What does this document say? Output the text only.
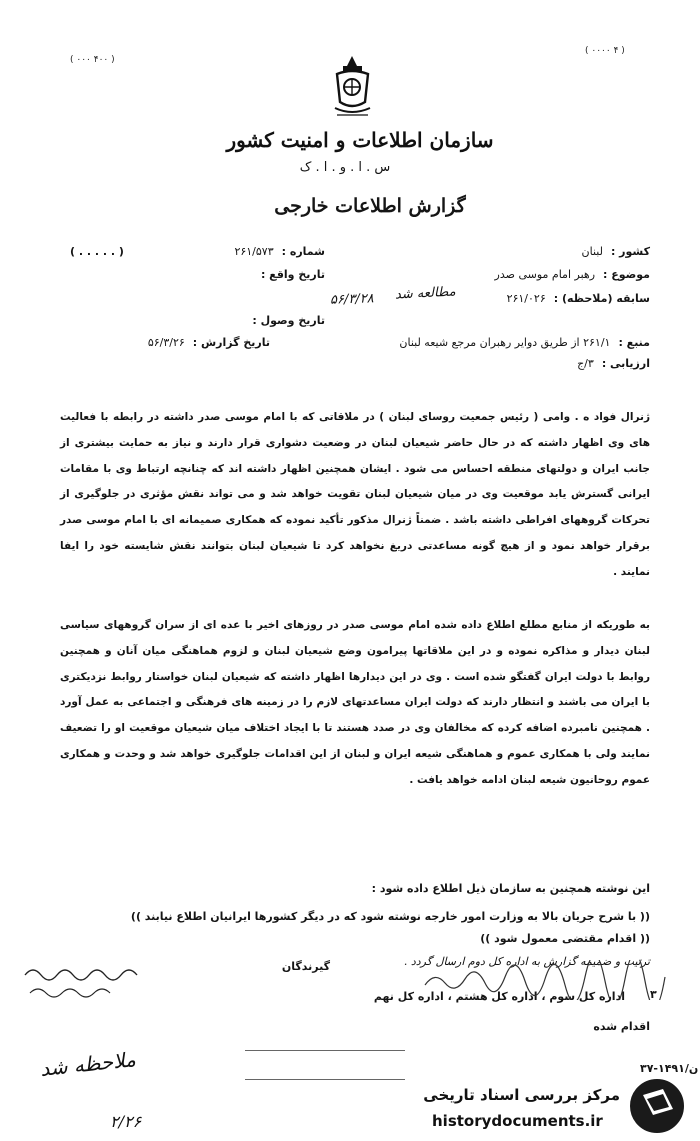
( ۰۰۰ ۴۰۰ )
( ۰۰۰۰ ۴ )
سازمان اطلاعات و امنیت کشور
س . ا . و . ا . ک
گزارش اطلاعات خارجی
کشور :لبنان
شماره :۲۶۱/۵۷۳
( . . . . . )
موضوع :رهبر امام موسی صدر
تاریخ واقع :
سابقه (ملاحظه) :۲۶۱/۰۲۶
تاریخ وصول :
منبع :۲۶۱/۱ از طریق دوایر رهبران مرجع شیعه لبنان
تاریخ گزارش :۵۶/۳/۲۶
ارزیابی :۳/ج
مطالعه شد
۵۶/۳/۲۸
ژنرال فواد ه . وامی ( رئیس جمعیت روسای لبنان ) در ملاقاتی که با امام موسی صدر داشته در رابطه با فعالیت های وی اظهار داشته که در حال حاضر شیعیان لبنان در وضعیت دشواری قرار دارند و نیاز به حمایت بیشتری از جانب ایران و دولتهای منطقه احساس می شود . ایشان همچنین اظهار داشته اند که چنانچه ارتباط وی با مقامات ایرانی گسترش یابد موقعیت وی در میان شیعیان لبنان تقویت خواهد شد و می تواند نقش مؤثری در جلوگیری از تحرکات گروههای افراطی داشته باشد . ضمناً ژنرال مذکور تأکید نموده که همکاری صمیمانه ای با امام موسی صدر برقرار خواهد نمود و از هیچ گونه مساعدتی دریغ نخواهد کرد تا شیعیان لبنان بتوانند نقش شایسته خود را ایفا نمایند .
به طوریکه از منابع مطلع اطلاع داده شده امام موسی صدر در روزهای اخیر با عده ای از سران گروههای سیاسی لبنان دیدار و مذاکره نموده و در این ملاقاتها پیرامون وضع شیعیان لبنان و لزوم هماهنگی میان آنان و همچنین روابط با دولت ایران گفتگو شده است . وی در این دیدارها اظهار داشته که شیعیان لبنان خواستار روابط نزدیکتری با ایران می باشند و انتظار دارند که دولت ایران مساعدتهای لازم را در زمینه های فرهنگی و اجتماعی به عمل آورد . همچنین نامبرده اضافه کرده که مخالفان وی در صدد هستند تا با ایجاد اختلاف میان شیعیان موقعیت او را تضعیف نمایند ولی با همکاری عموم و هماهنگی شیعه ایران و لبنان از این اقدامات جلوگیری خواهد شد و وحدت و همکاری عموم روحانیون شیعه لبنان ادامه خواهد یافت .
این نوشته همچنین به سازمان ذیل اطلاع داده شود :
(( با شرح جریان بالا به وزارت امور خارجه نوشته شود که در دیگر کشورها ایرانیان اطلاع نیابند ))
(( اقدام مقتضی معمول شود ))
ترتیب و ضمیمه گزارش به اداره کل دوم ارسال گردد .
گیرندگان
اداره کل سوم ، اداره کل هشتم ، اداره کل نهم ۳
اقدام شده
ملاحظه شد
۲/۲۶
۳۷-۱۴۹۱/ن
مرکز بررسی اسناد تاریخی
historydocuments.ir
